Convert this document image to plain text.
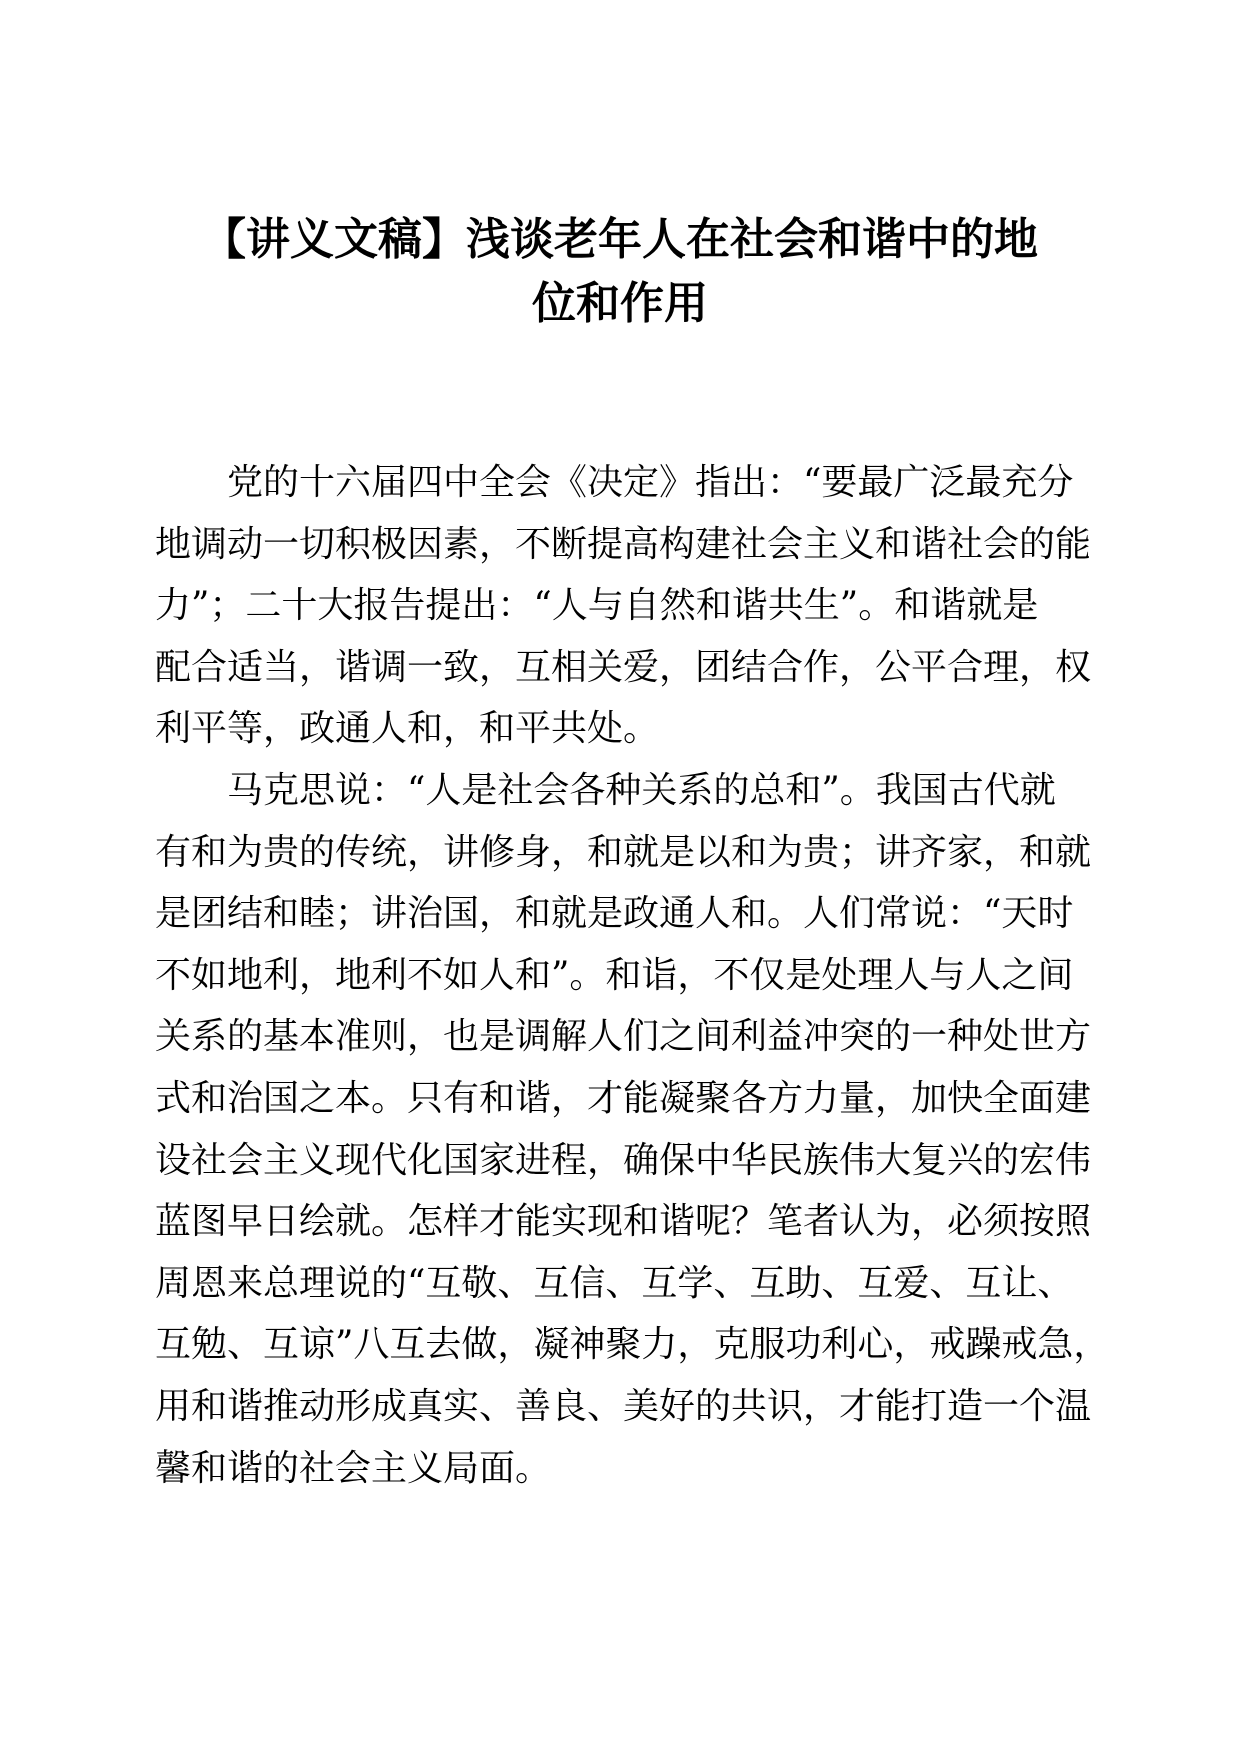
【讲义文稿】浅谈老年人在社会和谐中的地
位和作用
党的十六届四中全会《决定》指出：“要最广泛最充分
地调动一切积极因素，不断提高构建社会主义和谐社会的能
力”；二十大报告提出：“人与自然和谐共生”。和谐就是
配合适当，谐调一致，互相关爱，团结合作，公平合理，权
利平等，政通人和，和平共处。
马克思说：“人是社会各种关系的总和”。我国古代就
有和为贵的传统，讲修身，和就是以和为贵；讲齐家，和就
是团结和睦；讲治国，和就是政通人和。人们常说：“天时
不如地利，地利不如人和”。和诣，不仅是处理人与人之间
关系的基本准则，也是调解人们之间利益冲突的一种处世方
式和治国之本。只有和谐，才能凝聚各方力量，加快全面建
设社会主义现代化国家进程，确保中华民族伟大复兴的宏伟
蓝图早日绘就。怎样才能实现和谐呢？笔者认为，必须按照
周恩来总理说的“互敬、互信、互学、互助、互爱、互让、
互勉、互谅”八互去做，凝神聚力，克服功利心，戒躁戒急，
用和谐推动形成真实、善良、美好的共识，才能打造一个温
馨和谐的社会主义局面。
